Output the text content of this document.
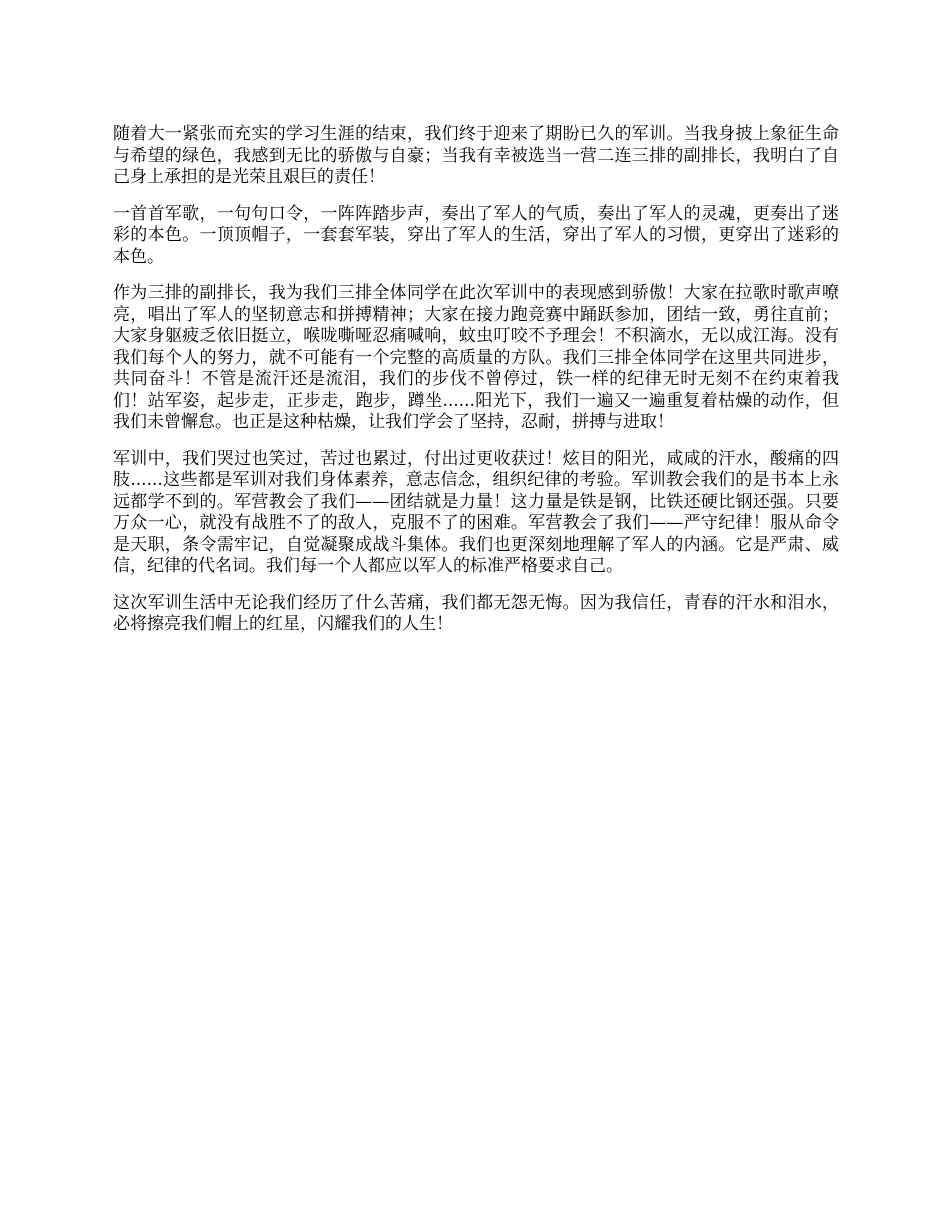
随着大一紧张而充实的学习生涯的结束，我们终于迎来了期盼已久的军训。当我身披上象征生命与希望的绿色，我感到无比的骄傲与自豪；当我有幸被选当一营二连三排的副排长，我明白了自己身上承担的是光荣且艰巨的责任！

一首首军歌，一句句口令，一阵阵踏步声，奏出了军人的气质，奏出了军人的灵魂，更奏出了迷彩的本色。一顶顶帽子，一套套军装，穿出了军人的生活，穿出了军人的习惯，更穿出了迷彩的本色。

作为三排的副排长，我为我们三排全体同学在此次军训中的表现感到骄傲！大家在拉歌时歌声嘹亮，唱出了军人的坚韧意志和拼搏精神；大家在接力跑竞赛中踊跃参加，团结一致，勇往直前；大家身躯疲乏依旧挺立，喉咙嘶哑忍痛喊响，蚊虫叮咬不予理会！不积滴水，无以成江海。没有我们每个人的努力，就不可能有一个完整的高质量的方队。我们三排全体同学在这里共同进步，共同奋斗！不管是流汗还是流泪，我们的步伐不曾停过，铁一样的纪律无时无刻不在约束着我们！站军姿，起步走，正步走，跑步，蹲坐......阳光下，我们一遍又一遍重复着枯燥的动作，但我们未曾懈怠。也正是这种枯燥，让我们学会了坚持，忍耐，拼搏与进取！

军训中，我们哭过也笑过，苦过也累过，付出过更收获过！炫目的阳光，咸咸的汗水，酸痛的四肢......这些都是军训对我们身体素养，意志信念，组织纪律的考验。军训教会我们的是书本上永远都学不到的。军营教会了我们——团结就是力量！这力量是铁是钢，比铁还硬比钢还强。只要万众一心，就没有战胜不了的敌人，克服不了的困难。军营教会了我们——严守纪律！服从命令是天职，条令需牢记，自觉凝聚成战斗集体。我们也更深刻地理解了军人的内涵。它是严肃、威信，纪律的代名词。我们每一个人都应以军人的标准严格要求自己。

这次军训生活中无论我们经历了什么苦痛，我们都无怨无悔。因为我信任，青春的汗水和泪水，必将擦亮我们帽上的红星，闪耀我们的人生！
